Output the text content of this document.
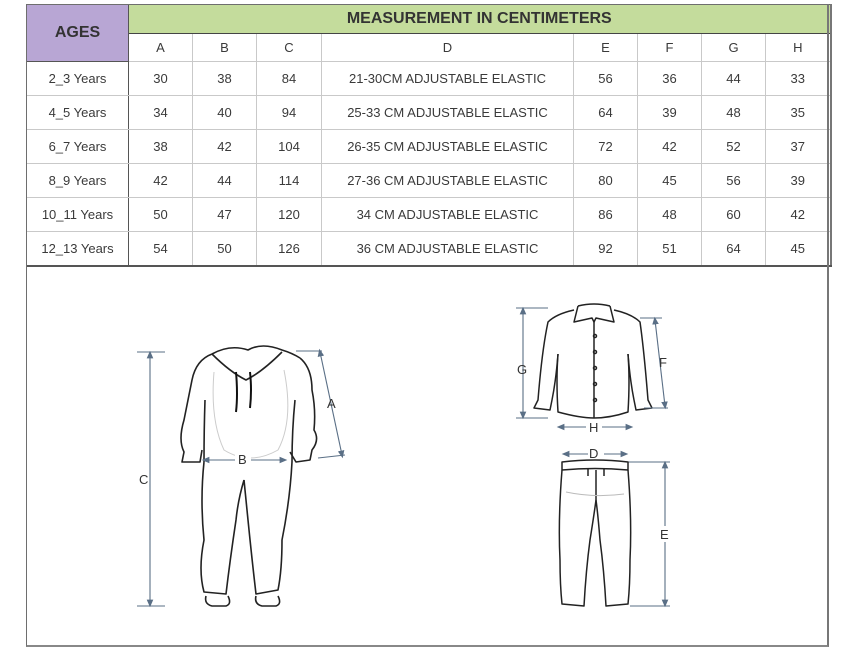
AGES	MEASUREMENT IN CENTIMETERS							
	A	B	C	D	E	F	G	H
2_3 Years	30	38	84	21-30CM ADJUSTABLE ELASTIC	56	36	44	33
4_5 Years	34	40	94	25-33 CM ADJUSTABLE ELASTIC	64	39	48	35
6_7 Years	38	42	104	26-35 CM ADJUSTABLE ELASTIC	72	42	52	37
8_9 Years	42	44	114	27-36 CM ADJUSTABLE ELASTIC	80	45	56	39
10_11 Years	50	47	120	34 CM ADJUSTABLE ELASTIC	86	48	60	42
12_13 Years	54	50	126	36 CM ADJUSTABLE ELASTIC	92	51	64	45
C
A
B
G	F
H
D
E
